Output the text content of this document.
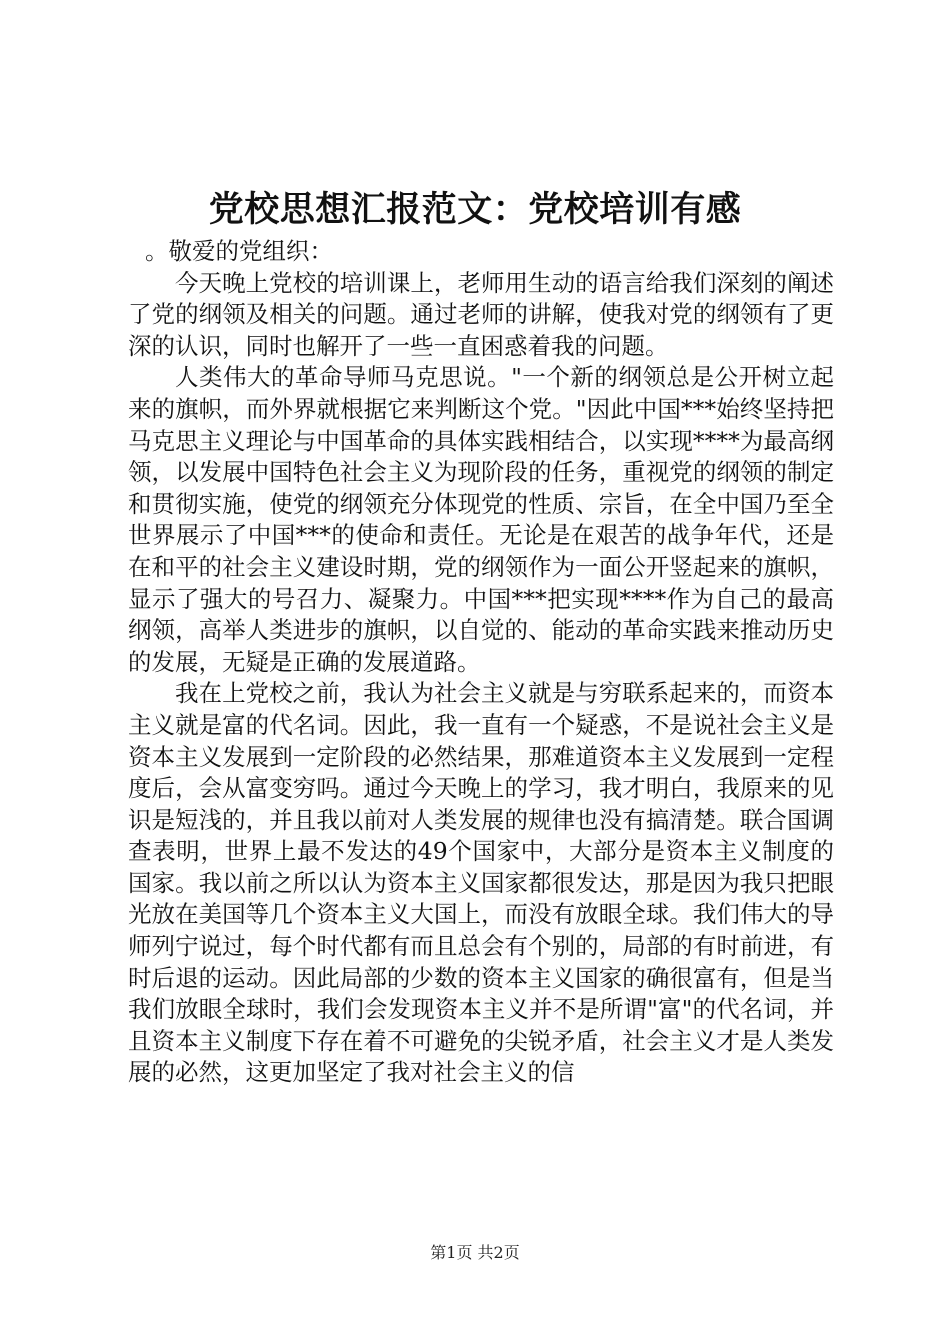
党校思想汇报范文：党校培训有感

。敬爱的党组织：

今天晚上党校的培训课上，老师用生动的语言给我们深刻的阐述了党的纲领及相关的问题。通过老师的讲解，使我对党的纲领有了更深的认识，同时也解开了一些一直困惑着我的问题。

人类伟大的革命导师马克思说。"一个新的纲领总是公开树立起来的旗帜，而外界就根据它来判断这个党。"因此中国***始终坚持把马克思主义理论与中国革命的具体实践相结合，以实现****为最高纲领，以发展中国特色社会主义为现阶段的任务，重视党的纲领的制定和贯彻实施，使党的纲领充分体现党的性质、宗旨，在全中国乃至全世界展示了中国***的使命和责任。无论是在艰苦的战争年代，还是在和平的社会主义建设时期，党的纲领作为一面公开竖起来的旗帜，显示了强大的号召力、凝聚力。中国***把实现****作为自己的最高纲领，高举人类进步的旗帜，以自觉的、能动的革命实践来推动历史的发展，无疑是正确的发展道路。

我在上党校之前，我认为社会主义就是与穷联系起来的，而资本主义就是富的代名词。因此，我一直有一个疑惑，不是说社会主义是资本主义发展到一定阶段的必然结果，那难道资本主义发展到一定程度后，会从富变穷吗。通过今天晚上的学习，我才明白，我原来的见识是短浅的，并且我以前对人类发展的规律也没有搞清楚。联合国调查表明，世界上最不发达的49个国家中，大部分是资本主义制度的国家。我以前之所以认为资本主义国家都很发达，那是因为我只把眼光放在美国等几个资本主义大国上，而没有放眼全球。我们伟大的导师列宁说过，每个时代都有而且总会有个别的，局部的有时前进，有时后退的运动。因此局部的少数的资本主义国家的确很富有，但是当我们放眼全球时，我们会发现资本主义并不是所谓"富"的代名词，并且资本主义制度下存在着不可避免的尖锐矛盾，社会主义才是人类发展的必然，这更加坚定了我对社会主义的信

第1页 共2页
